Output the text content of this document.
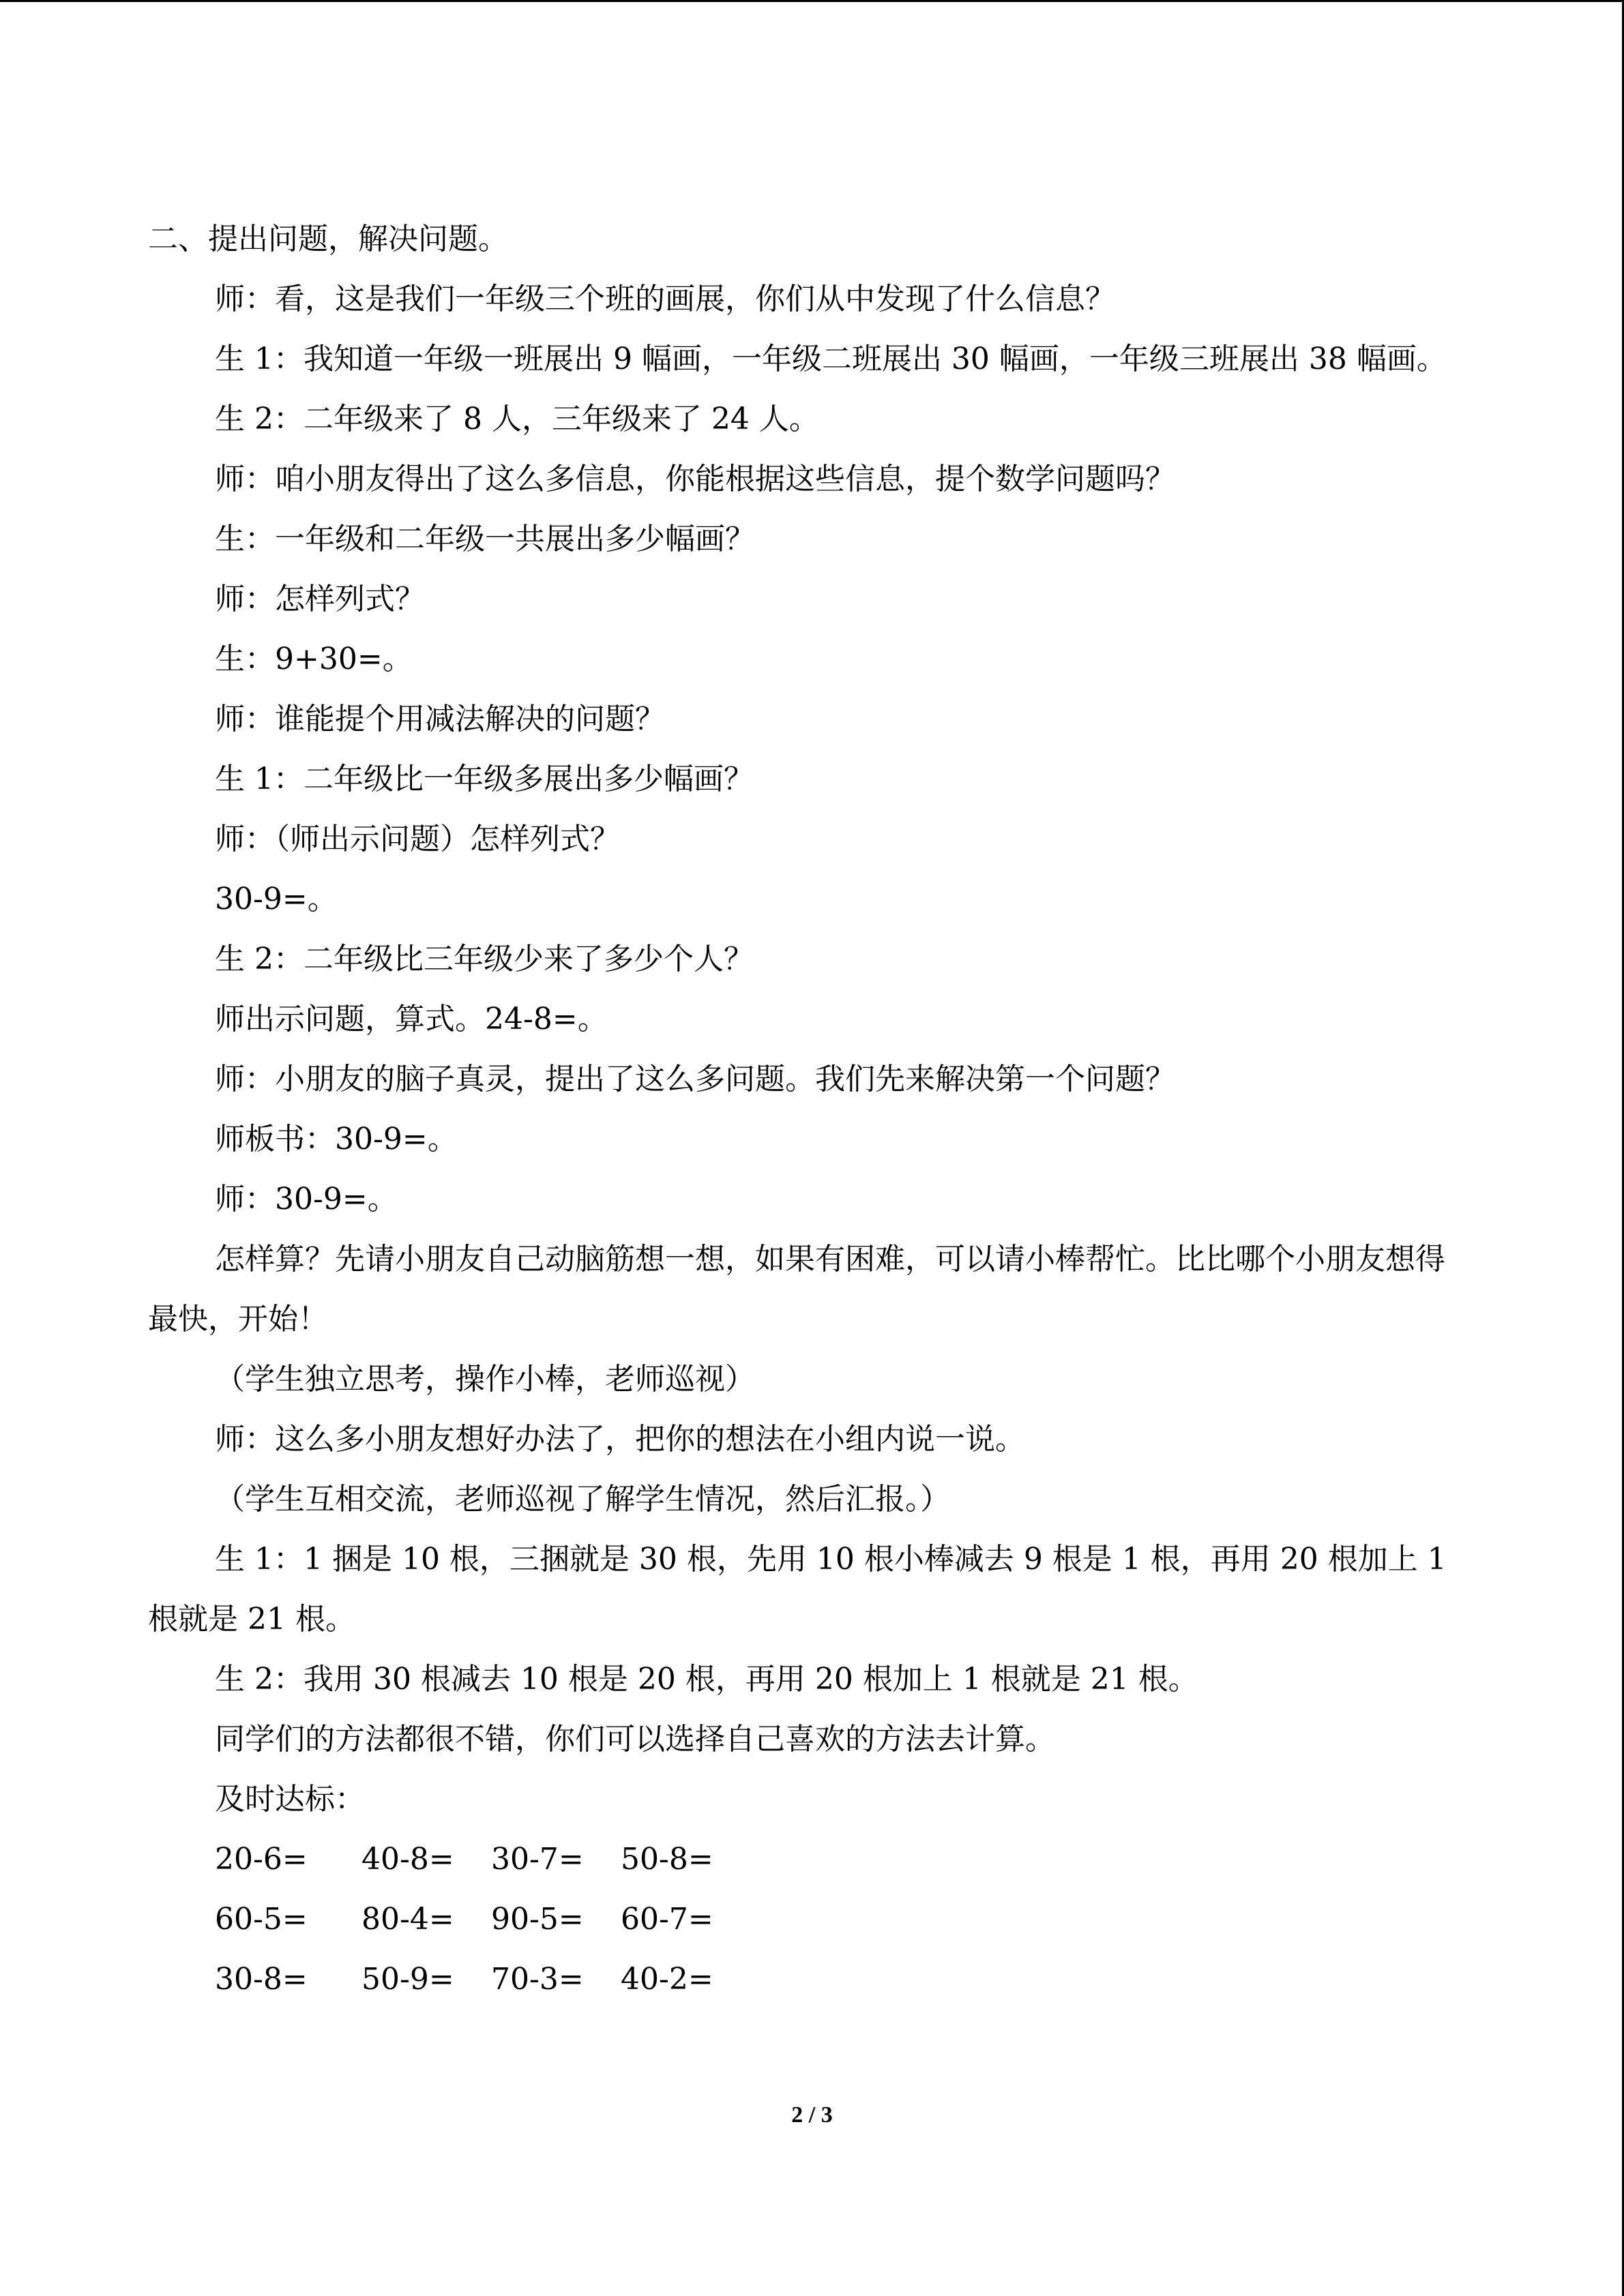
二、提出问题，解决问题。

师：看，这是我们一年级三个班的画展，你们从中发现了什么信息？

生 1：我知道一年级一班展出 9 幅画，一年级二班展出 30 幅画，一年级三班展出 38 幅画。

生 2：二年级来了 8 人，三年级来了 24 人。

师：咱小朋友得出了这么多信息，你能根据这些信息，提个数学问题吗？

生：一年级和二年级一共展出多少幅画？

师：怎样列式？

生：9+30=。

师：谁能提个用减法解决的问题？

生 1：二年级比一年级多展出多少幅画？

师：（师出示问题）怎样列式？

30-9=。

生 2：二年级比三年级少来了多少个人？

师出示问题，算式。24-8=。

师：小朋友的脑子真灵，提出了这么多问题。我们先来解决第一个问题？

师板书：30-9=。

师：30-9=。

怎样算？先请小朋友自己动脑筋想一想，如果有困难，可以请小棒帮忙。比比哪个小朋友想得最快，开始！

（学生独立思考，操作小棒，老师巡视）

师：这么多小朋友想好办法了，把你的想法在小组内说一说。

（学生互相交流，老师巡视了解学生情况，然后汇报。）

生 1：1 捆是 10 根，三捆就是 30 根，先用 10 根小棒减去 9 根是 1 根，再用 20 根加上 1 根就是 21 根。

生 2：我用 30 根减去 10 根是 20 根，再用 20 根加上 1 根就是 21 根。

同学们的方法都很不错，你们可以选择自己喜欢的方法去计算。

及时达标：

20-6=	40-8=	30-7=	50-8=
60-5=	80-4=	90-5=	60-7=
30-8=	50-9=	70-3=	40-2=
2 / 3
